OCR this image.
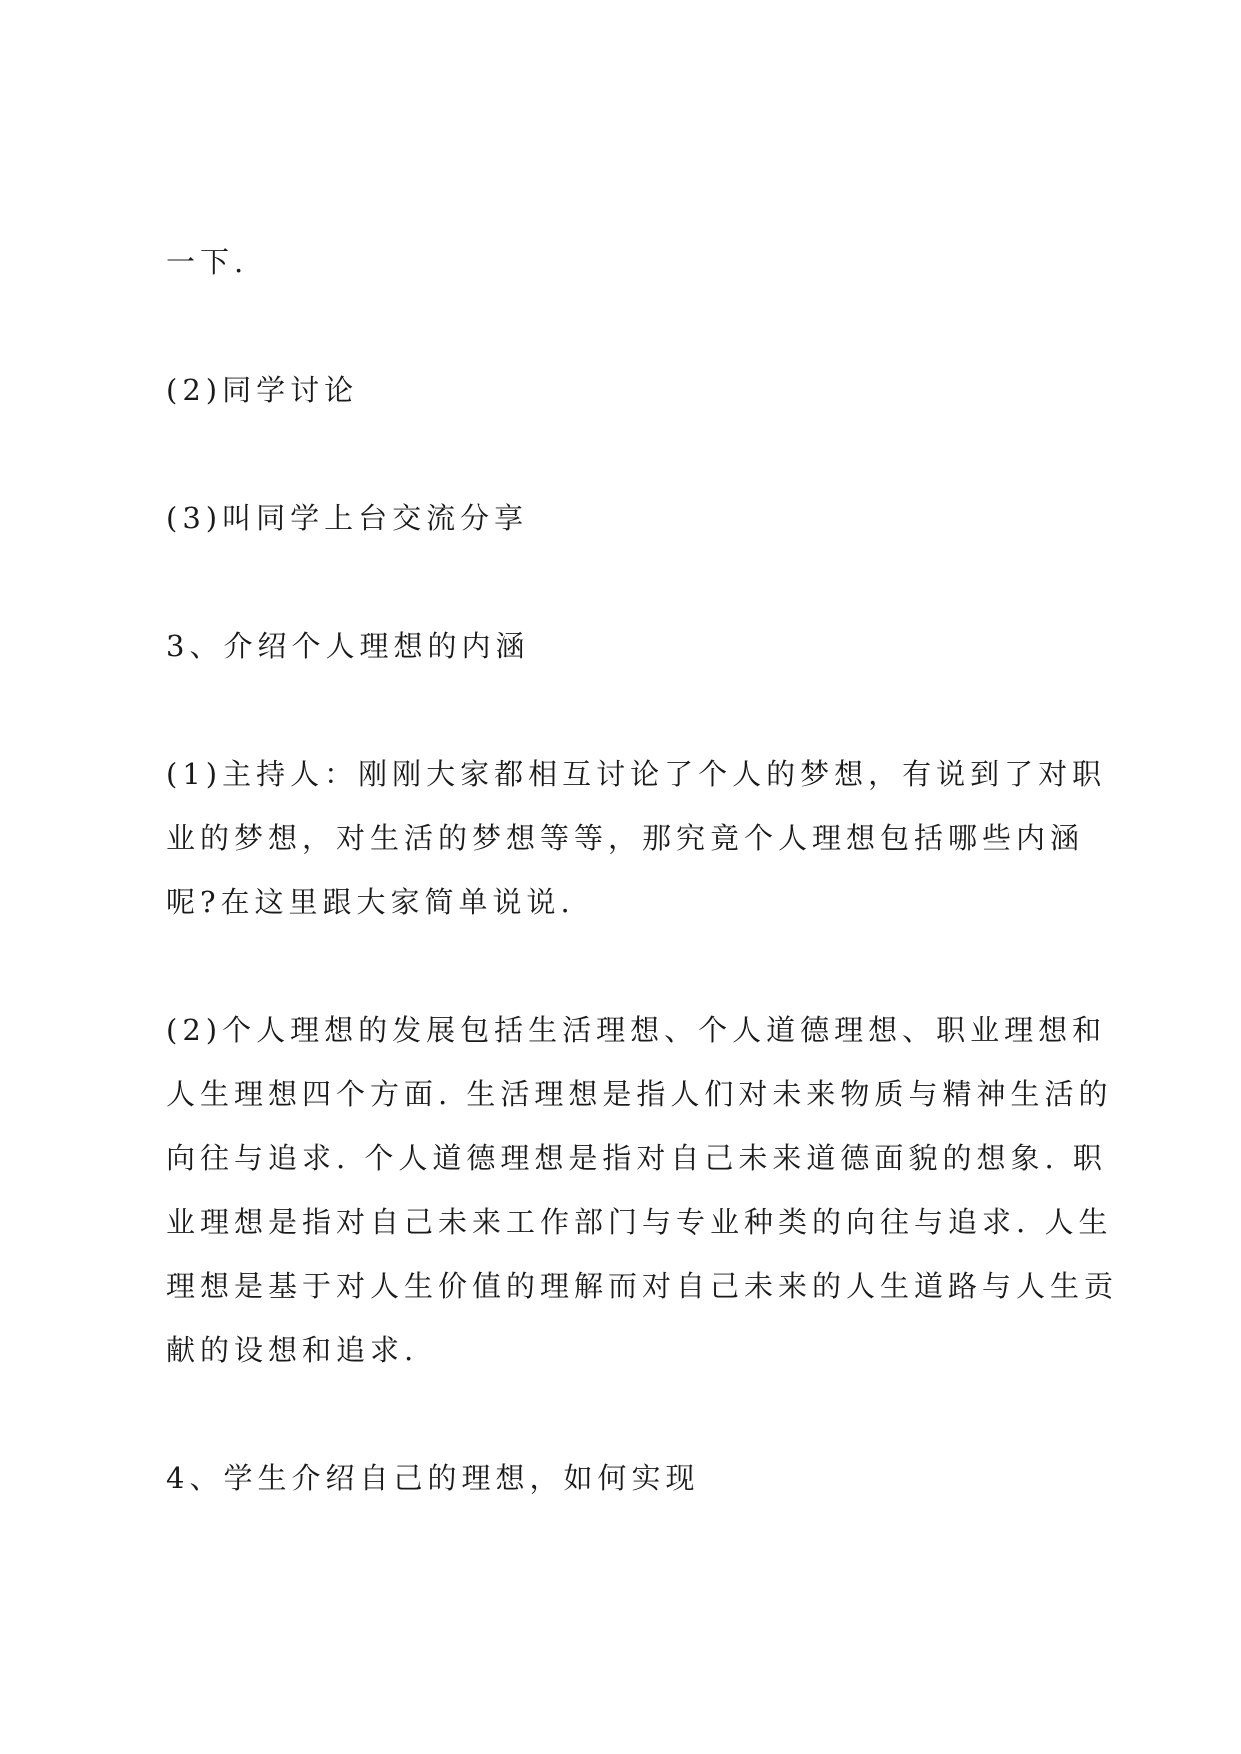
一下.

(2)同学讨论

(3)叫同学上台交流分享

3、介绍个人理想的内涵

(1)主持人：刚刚大家都相互讨论了个人的梦想，有说到了对职
业的梦想，对生活的梦想等等，那究竟个人理想包括哪些内涵
呢?在这里跟大家简单说说.

(2)个人理想的发展包括生活理想、个人道德理想、职业理想和
人生理想四个方面. 生活理想是指人们对未来物质与精神生活的
向往与追求. 个人道德理想是指对自己未来道德面貌的想象. 职
业理想是指对自己未来工作部门与专业种类的向往与追求. 人生
理想是基于对人生价值的理解而对自己未来的人生道路与人生贡
献的设想和追求.

4、学生介绍自己的理想，如何实现
